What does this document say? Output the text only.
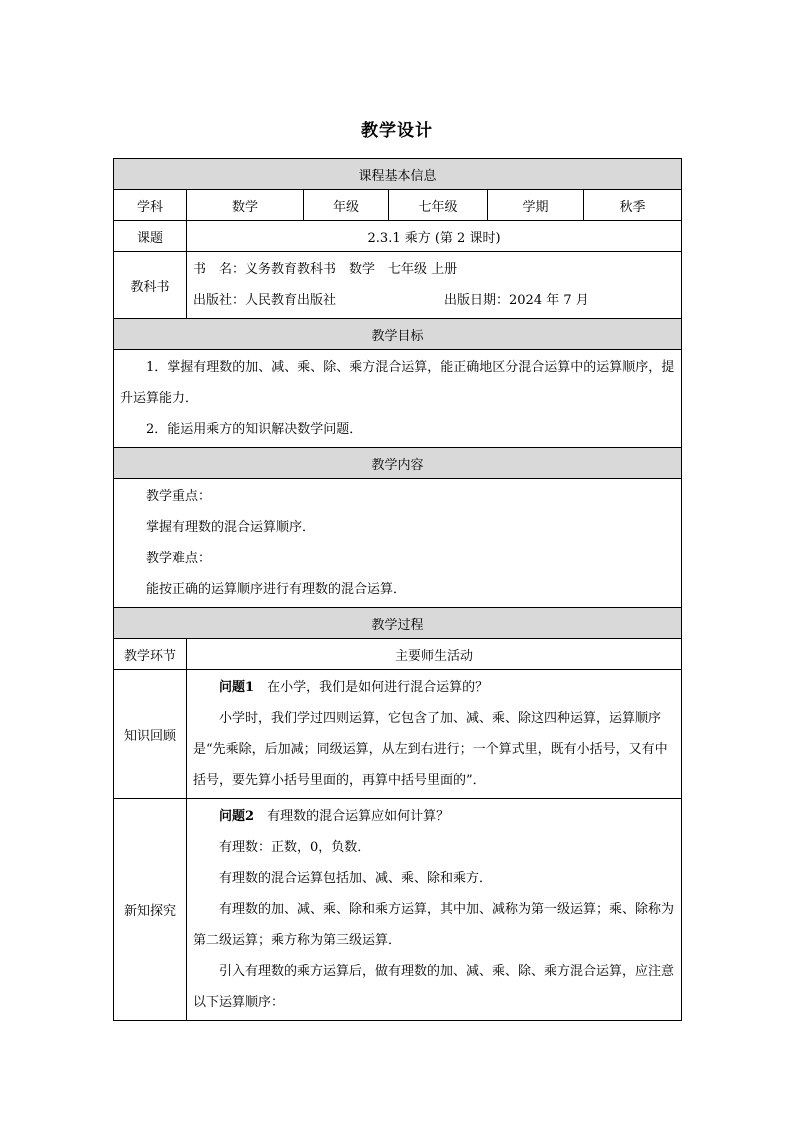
教学设计
课程基本信息					
学科	数学	年级	七年级	学期	秋季
课题	2.3.1 乘方 (第 2 课时)				
教科书	书　名：义务教育教科书　数学　七年级 上册
出版社：人民教育出版社 出版日期：2024 年 7 月				

教学目标					

1．掌握有理数的加、减、乘、除、乘方混合运算，能正确地区分混合运算中的运算顺序，提升运算能力．

2．能运用乘方的知识解决数学问题．					

教学内容					

教学重点：

掌握有理数的混合运算顺序．

教学难点：

能按正确的运算顺序进行有理数的混合运算．					

教学过程					
教学环节	主要师生活动				
知识回顾	问题1　 在小学，我们是如何进行混合运算的？

小学时，我们学过四则运算，它包含了加、减、乘、除这四种运算，运算顺序是“先乘除，后加减；同级运算，从左到右进行；一个算式里，既有小括号，又有中括号，要先算小括号里面的，再算中括号里面的”．				

新知探究	问题2　 有理数的混合运算应如何计算？

有理数：正数，0，负数．

有理数的混合运算包括加、减、乘、除和乘方．

有理数的加、减、乘、除和乘方运算，其中加、减称为第一级运算；乘、除称为第二级运算；乘方称为第三级运算．

引入有理数的乘方运算后，做有理数的加、减、乘、除、乘方混合运算，应注意以下运算顺序：				
